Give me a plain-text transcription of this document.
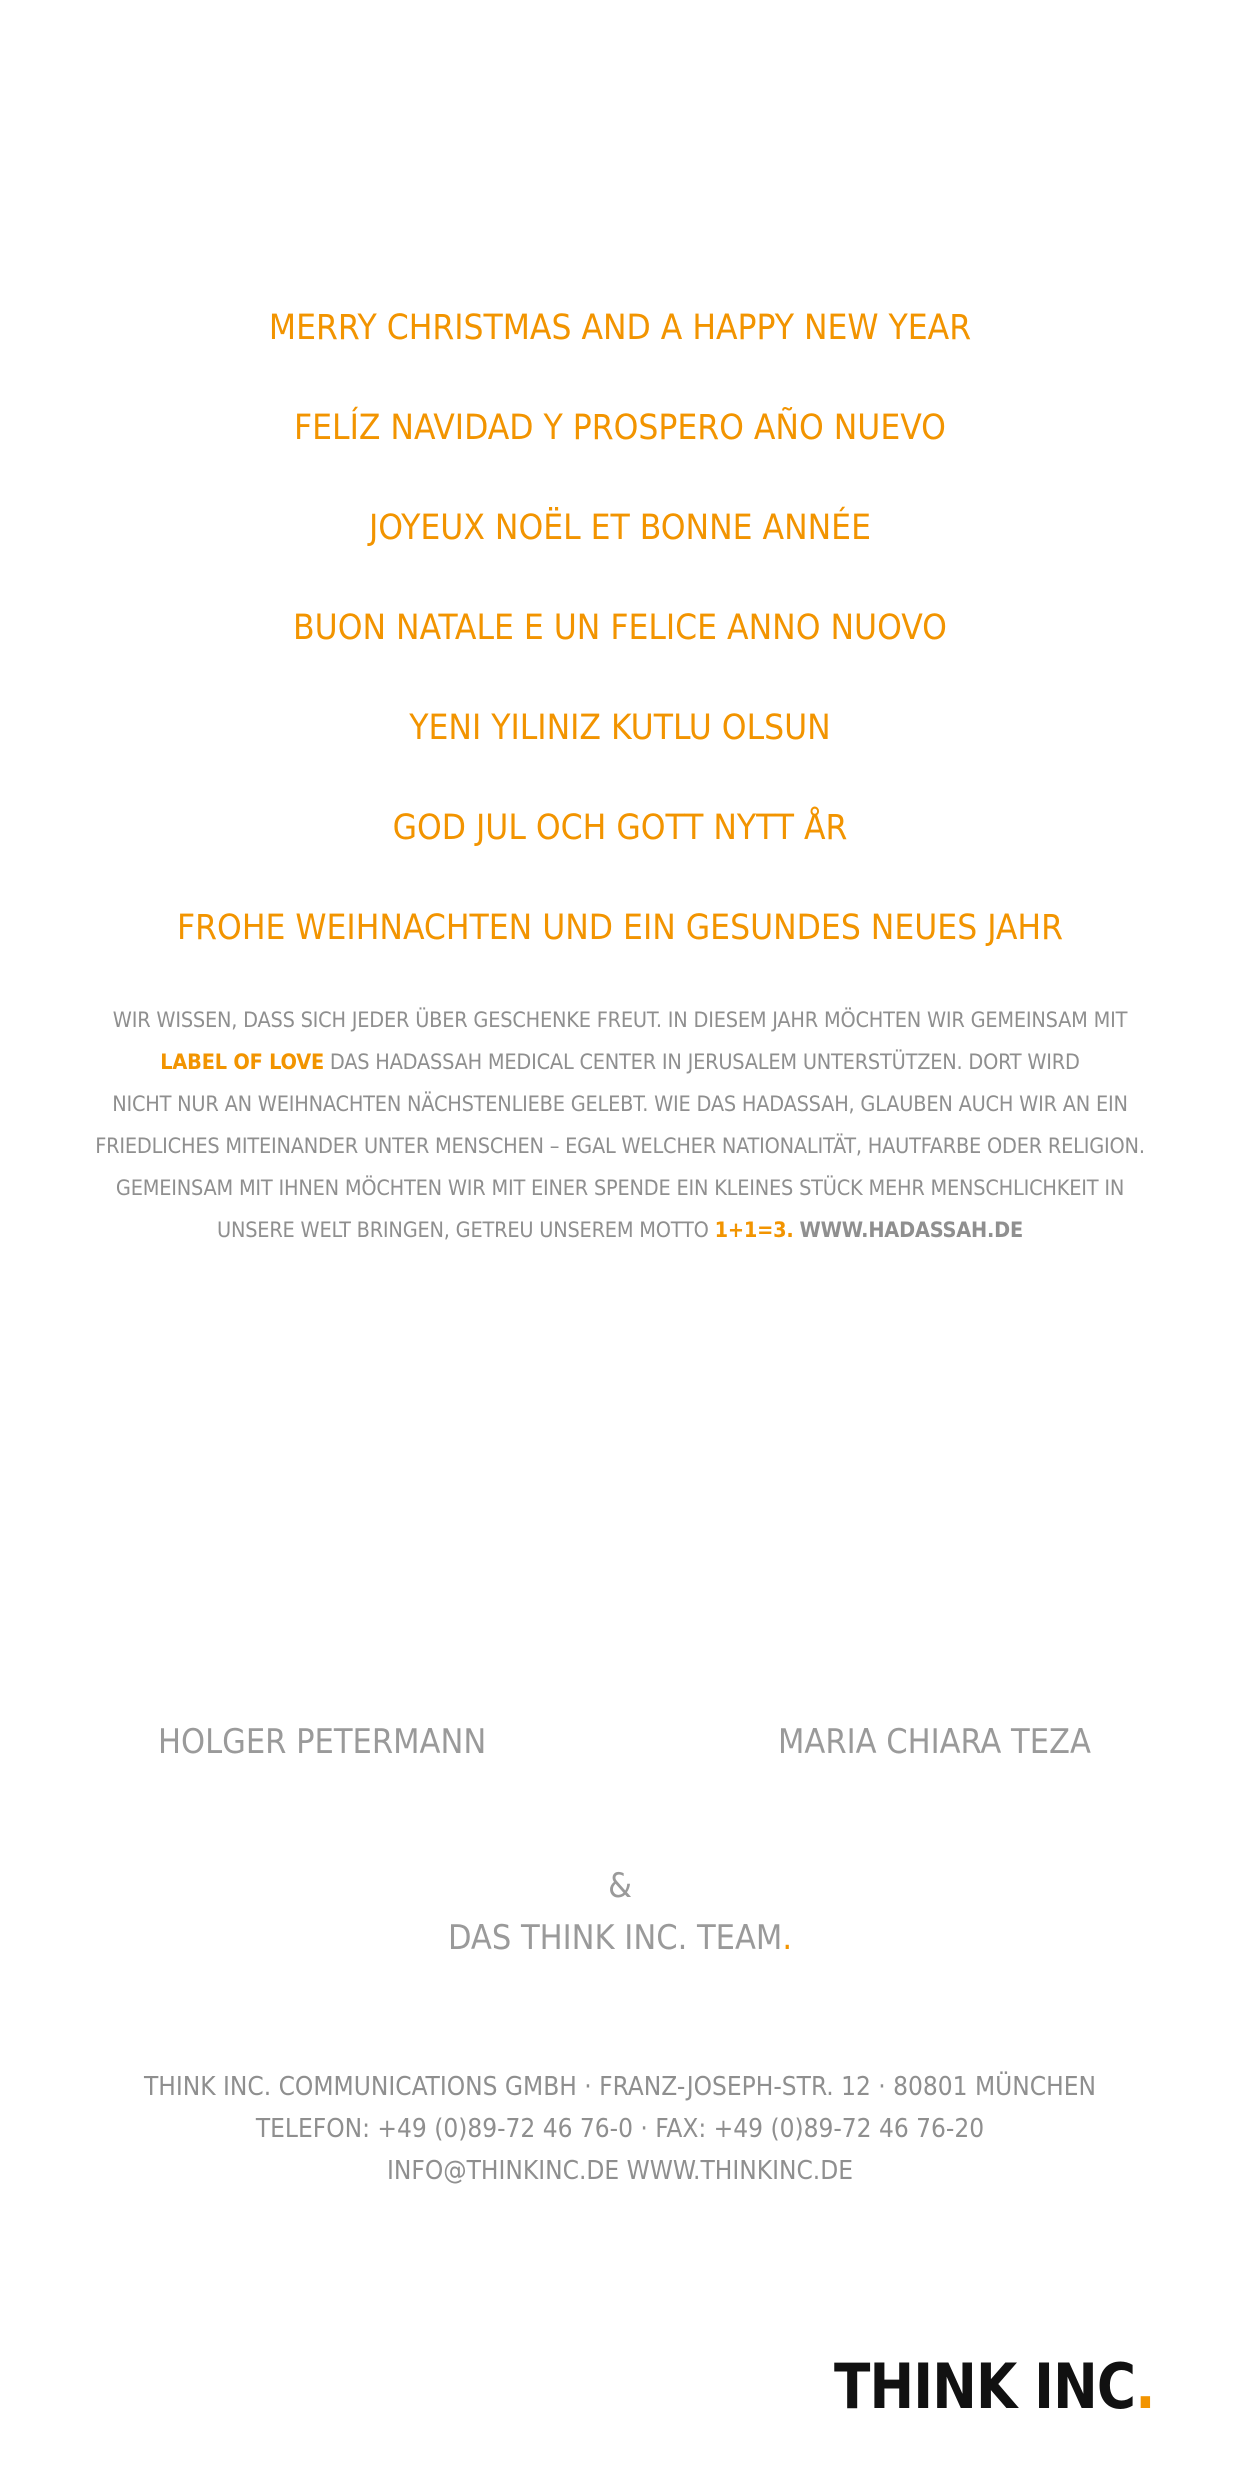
MERRY CHRISTMAS AND A HAPPY NEW YEAR
FELÍZ NAVIDAD Y PROSPERO AÑO NUEVO
JOYEUX NOËL ET BONNE ANNÉE
BUON NATALE E UN FELICE ANNO NUOVO
YENI YILINIZ KUTLU OLSUN
GOD JUL OCH GOTT NYTT ÅR
FROHE WEIHNACHTEN UND EIN GESUNDES NEUES JAHR
WIR WISSEN, DASS SICH JEDER ÜBER GESCHENKE FREUT. IN DIESEM JAHR MÖCHTEN WIR GEMEINSAM MIT
LABEL OF LOVE DAS HADASSAH MEDICAL CENTER IN JERUSALEM UNTERSTÜTZEN. DORT WIRD
NICHT NUR AN WEIHNACHTEN NÄCHSTENLIEBE GELEBT. WIE DAS HADASSAH, GLAUBEN AUCH WIR AN EIN
FRIEDLICHES MITEINANDER UNTER MENSCHEN – EGAL WELCHER NATIONALITÄT, HAUTFARBE ODER RELIGION.
GEMEINSAM MIT IHNEN MÖCHTEN WIR MIT EINER SPENDE EIN KLEINES STÜCK MEHR MENSCHLICHKEIT IN
UNSERE WELT BRINGEN, GETREU UNSEREM MOTTO 1+1=3. WWW.HADASSAH.DE
HOLGER PETERMANN	MARIA CHIARA TEZA
&
DAS THINK INC. TEAM.
THINK INC. COMMUNICATIONS GMBH · FRANZ-JOSEPH-STR. 12 · 80801 MÜNCHEN
TELEFON: +49 (0)89-72 46 76-0 · FAX: +49 (0)89-72 46 76-20
INFO@THINKINC.DE WWW.THINKINC.DE
THINK INC.
